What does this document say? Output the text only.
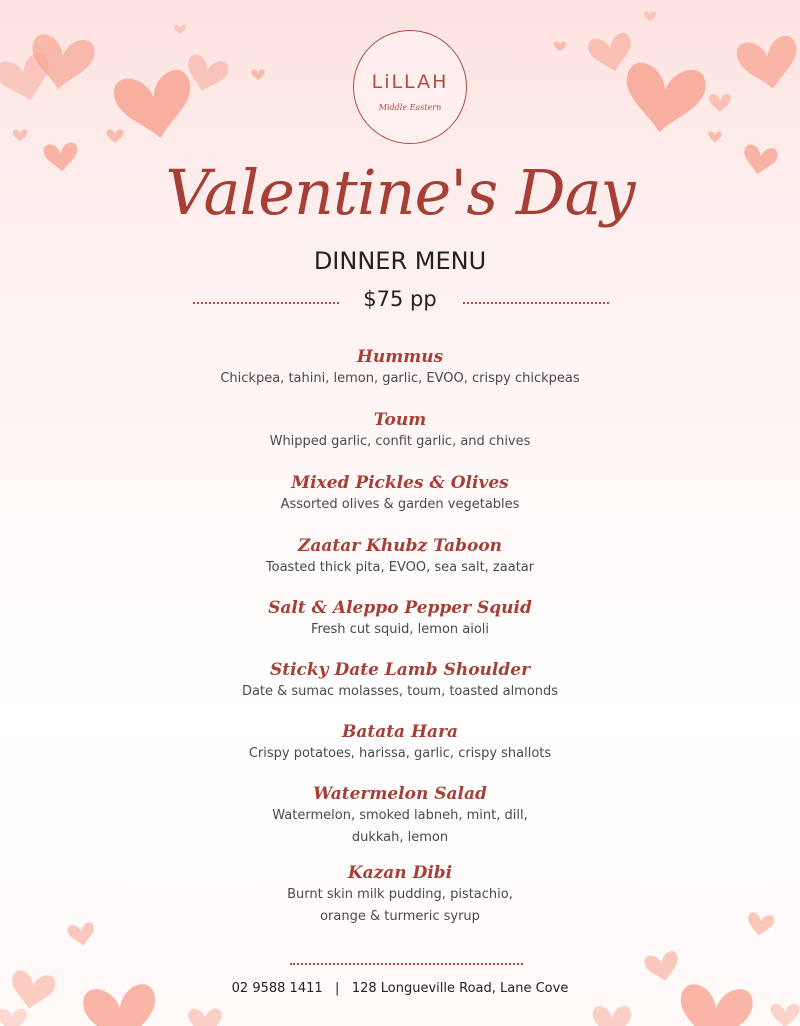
LiLLAH
Middle Eastern
Valentine's Day
DINNER MENU
$75 pp
Hummus
Chickpea, tahini, lemon, garlic, EVOO, crispy chickpeas
Toum
Whipped garlic, confit garlic, and chives
Mixed Pickles & Olives
Assorted olives & garden vegetables
Zaatar Khubz Taboon
Toasted thick pita, EVOO, sea salt, zaatar
Salt & Aleppo Pepper Squid
Fresh cut squid, lemon aioli
Sticky Date Lamb Shoulder
Date & sumac molasses, toum, toasted almonds
Batata Hara
Crispy potatoes, harissa, garlic, crispy shallots
Watermelon Salad
Watermelon, smoked labneh, mint, dill,
dukkah, lemon
Kazan Dibi
Burnt skin milk pudding, pistachio,
orange & turmeric syrup
02 9588 1411 | 128 Longueville Road, Lane Cove
